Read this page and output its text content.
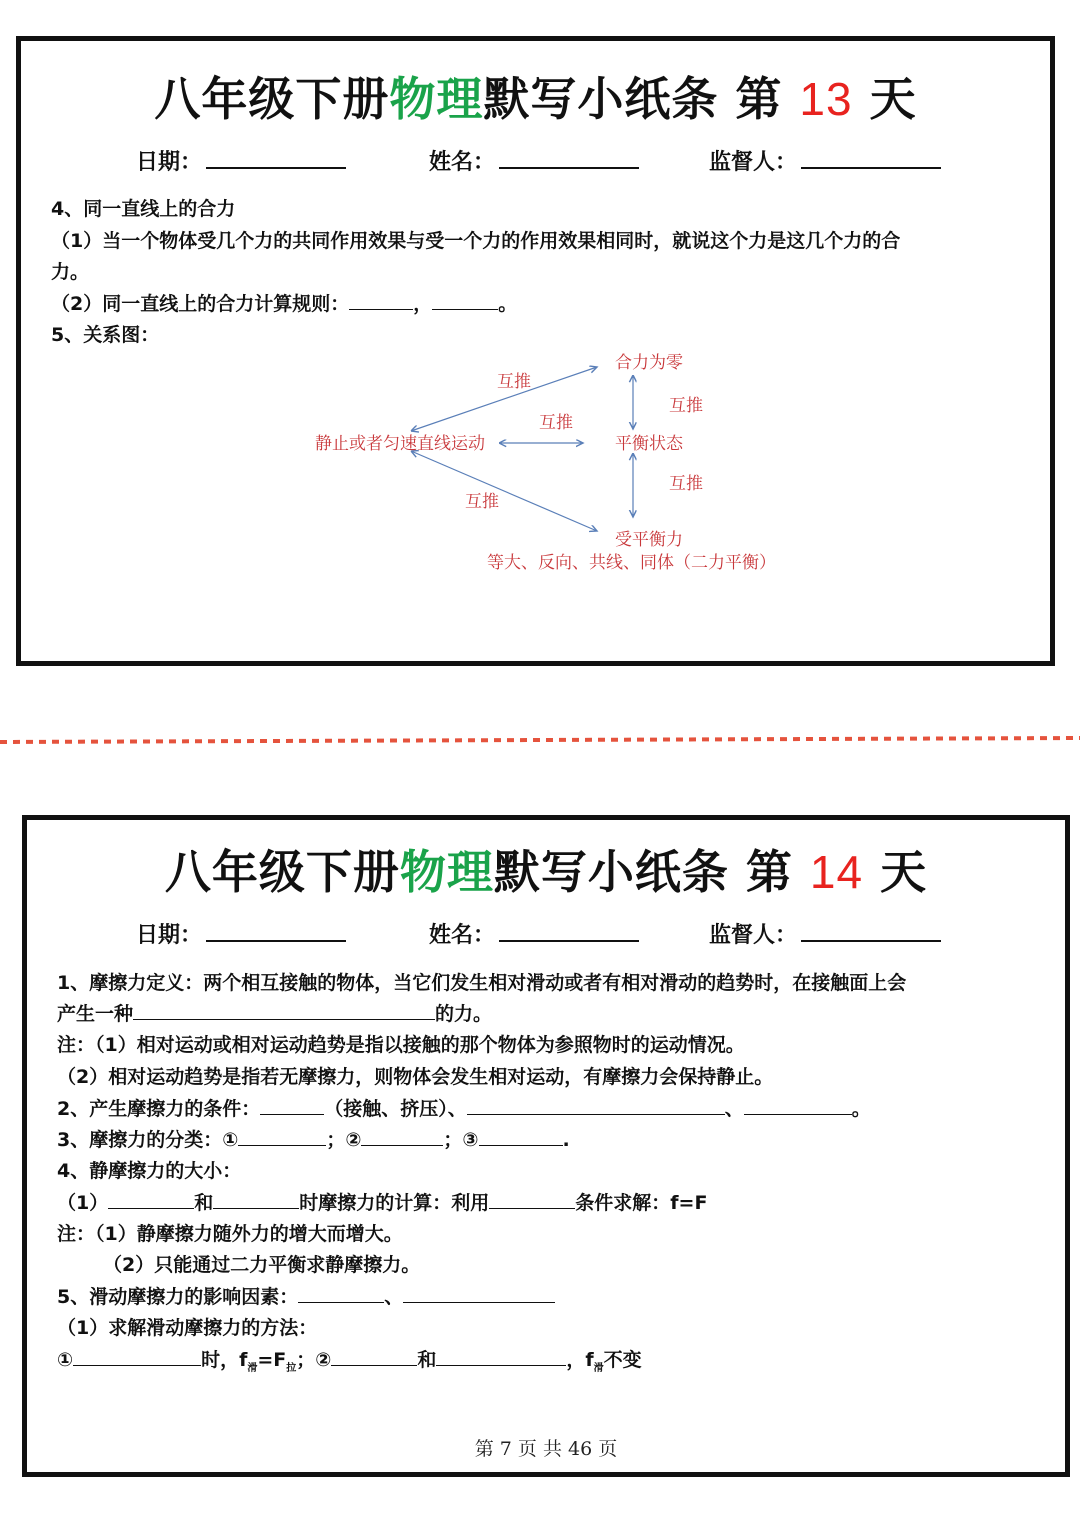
八年级下册物理默写小纸条 第 13 天
日期：	姓名：	监督人：
4、同一直线上的合力
（1）当一个物体受几个力的共同作用效果与受一个力的作用效果相同时，就说这个力是这几个力的合
力。
（2）同一直线上的合力计算规则：	，	。
5、关系图：
合力为零
静止或者匀速直线运动	平衡状态
受平衡力
等大、反向、共线、同体（二力平衡）
互推
互推
互推
互推
互推
八年级下册物理默写小纸条 第 14 天
日期：	姓名：	监督人：
1、摩擦力定义：两个相互接触的物体，当它们发生相对滑动或者有相对滑动的趋势时，在接触面上会
产生一种	的力。
注：（1）相对运动或相对运动趋势是指以接触的那个物体为参照物时的运动情况。
（2）相对运动趋势是指若无摩擦力，则物体会发生相对运动，有摩擦力会保持静止。
2、产生摩擦力的条件：	（接触、挤压）、	、	。
3、摩擦力的分类：①	；②	；③	.
4、静摩擦力的大小：
（1）	和	时摩擦力的计算：利用	条件求解：f=F
注：（1）静摩擦力随外力的增大而增大。
（2）只能通过二力平衡求静摩擦力。
5、滑动摩擦力的影响因素：	、
（1）求解滑动摩擦力的方法：
①	时，$f_滑=F_拉$；②	和	，$f_滑$不变
第 7 页 共 46 页
